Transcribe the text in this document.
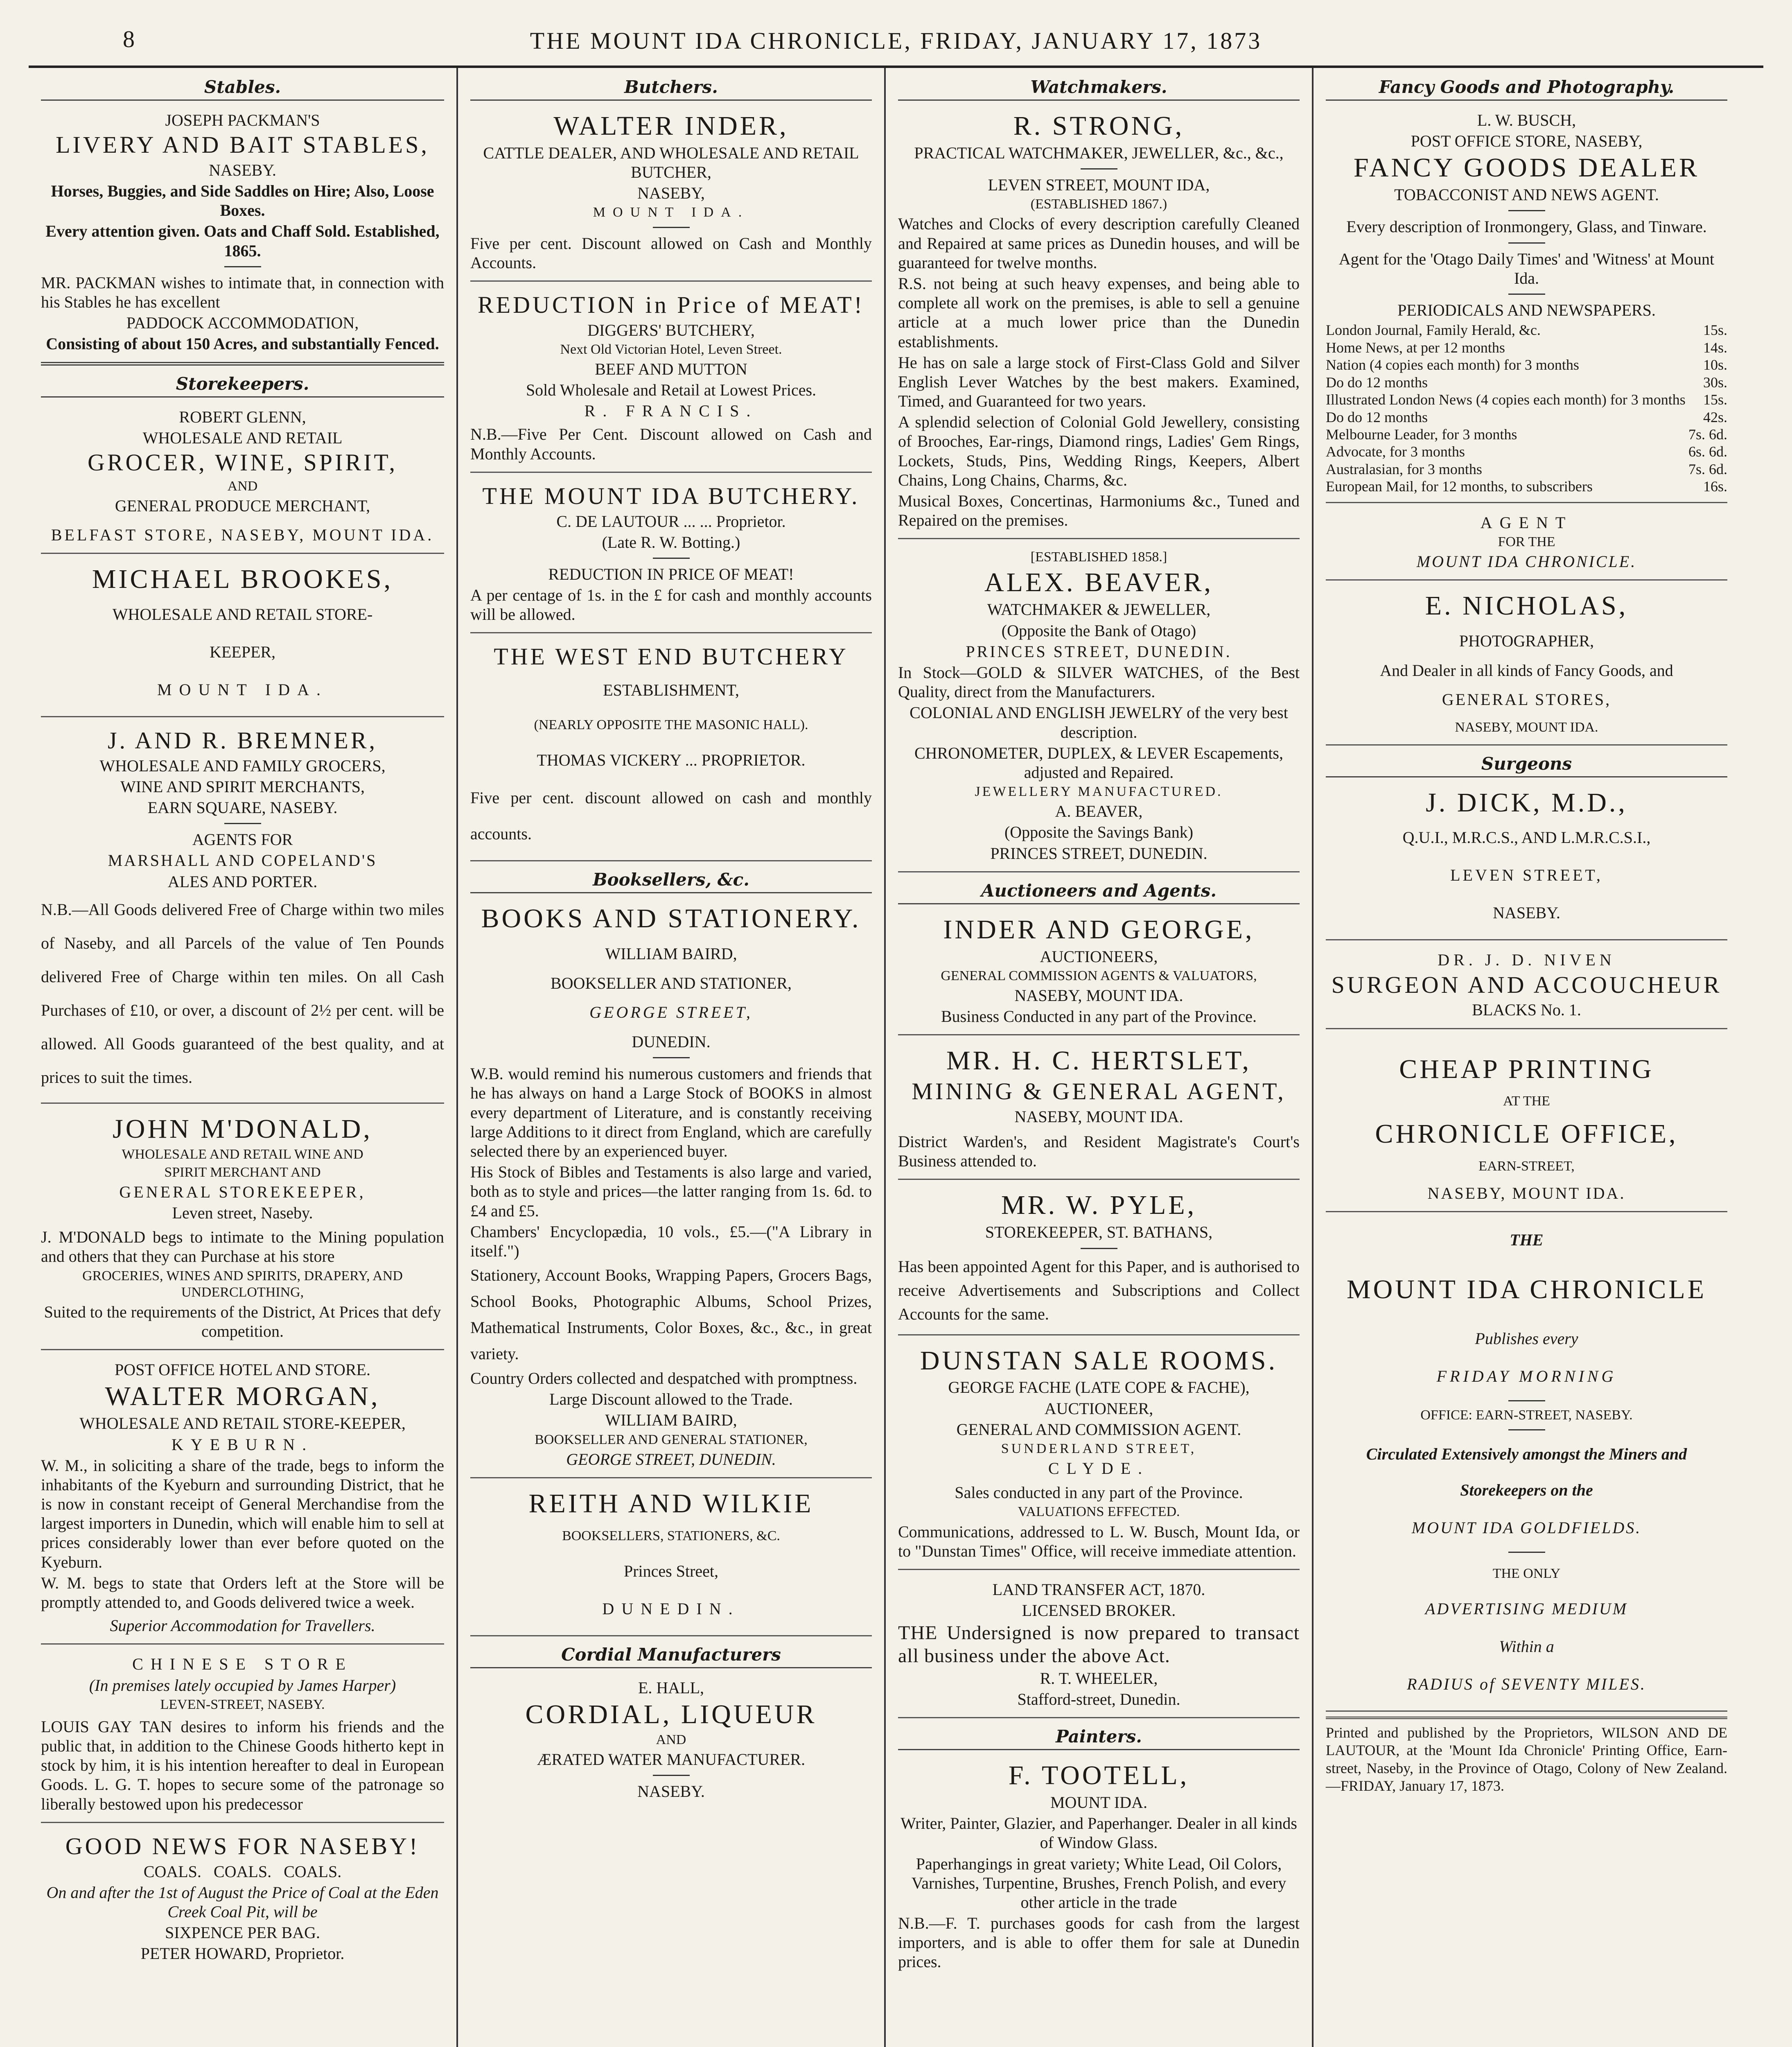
8	THE MOUNT IDA CHRONICLE, FRIDAY, JANUARY 17, 1873
Stables.
JOSEPH PACKMAN'S
LIVERY AND BAIT STABLES,
NASEBY.
Horses, Buggies, and Side Saddles on Hire; Also, Loose Boxes.
Every attention given. Oats and Chaff Sold. Established, 1865.
MR. PACKMAN wishes to intimate that, in connection with his Stables he has excellent
PADDOCK ACCOMMODATION,
Consisting of about 150 Acres, and substantially Fenced.
Storekeepers.
ROBERT GLENN,
WHOLESALE AND RETAIL
GROCER, WINE, SPIRIT,
AND
GENERAL PRODUCE MERCHANT,
BELFAST STORE, NASEBY, MOUNT IDA.
MICHAEL BROOKES,
WHOLESALE AND RETAIL STORE-
KEEPER,
MOUNT IDA.
J. AND R. BREMNER,
WHOLESALE AND FAMILY GROCERS,
WINE AND SPIRIT MERCHANTS,
EARN SQUARE, NASEBY.
AGENTS FOR
MARSHALL AND COPELAND'S
ALES AND PORTER.
N.B.—All Goods delivered Free of Charge within two miles of Naseby, and all Parcels of the value of Ten Pounds delivered Free of Charge within ten miles. On all Cash Purchases of £10, or over, a discount of 2½ per cent. will be allowed. All Goods guaranteed of the best quality, and at prices to suit the times.
JOHN M'DONALD,
WHOLESALE AND RETAIL WINE AND
SPIRIT MERCHANT AND
GENERAL STOREKEEPER,
Leven street, Naseby.
J. M'DONALD begs to intimate to the Mining population and others that they can Purchase at his store
GROCERIES, WINES AND SPIRITS, DRAPERY, AND UNDERCLOTHING,
Suited to the requirements of the District, At Prices that defy competition.
POST OFFICE HOTEL AND STORE.
WALTER MORGAN,
WHOLESALE AND RETAIL STORE-KEEPER,
KYEBURN.
W. M., in soliciting a share of the trade, begs to inform the inhabitants of the Kyeburn and surrounding District, that he is now in constant receipt of General Merchandise from the largest importers in Dunedin, which will enable him to sell at prices considerably lower than ever before quoted on the Kyeburn.
W. M. begs to state that Orders left at the Store will be promptly attended to, and Goods delivered twice a week.
Superior Accommodation for Travellers.
CHINESE STORE
(In premises lately occupied by James Harper)
LEVEN-STREET, NASEBY.
LOUIS GAY TAN desires to inform his friends and the public that, in addition to the Chinese Goods hitherto kept in stock by him, it is his intention hereafter to deal in European Goods. L. G. T. hopes to secure some of the patronage so liberally bestowed upon his predecessor
GOOD NEWS FOR NASEBY!
COALS.   COALS.   COALS.
On and after the 1st of August the Price of Coal at the Eden Creek Coal Pit, will be
SIXPENCE PER BAG.
PETER HOWARD, Proprietor.
Butchers.
WALTER INDER,
CATTLE DEALER, AND WHOLESALE AND RETAIL BUTCHER,
NASEBY,
MOUNT IDA.
Five per cent. Discount allowed on Cash and Monthly Accounts.
REDUCTION in Price of MEAT!
DIGGERS' BUTCHERY,
Next Old Victorian Hotel, Leven Street.
BEEF AND MUTTON
Sold Wholesale and Retail at Lowest Prices.
R. FRANCIS.
N.B.—Five Per Cent. Discount allowed on Cash and Monthly Accounts.
THE MOUNT IDA BUTCHERY.
C. DE LAUTOUR ... ... Proprietor.
(Late R. W. Botting.)
REDUCTION IN PRICE OF MEAT!
A per centage of 1s. in the £ for cash and monthly accounts will be allowed.
THE WEST END BUTCHERY
ESTABLISHMENT,
(NEARLY OPPOSITE THE MASONIC HALL).
THOMAS VICKERY ... PROPRIETOR.
Five per cent. discount allowed on cash and monthly accounts.
Booksellers, &c.
BOOKS AND STATIONERY.
WILLIAM BAIRD,
BOOKSELLER AND STATIONER,
GEORGE STREET,
DUNEDIN.
W.B. would remind his numerous customers and friends that he has always on hand a Large Stock of BOOKS in almost every department of Literature, and is constantly receiving large Additions to it direct from England, which are carefully selected there by an experienced buyer.
His Stock of Bibles and Testaments is also large and varied, both as to style and prices—the latter ranging from 1s. 6d. to £4 and £5.
Chambers' Encyclopædia, 10 vols., £5.—("A Library in itself.")
Stationery, Account Books, Wrapping Papers, Grocers Bags, School Books, Photographic Albums, School Prizes, Mathematical Instruments, Color Boxes, &c., &c., in great variety.
Country Orders collected and despatched with promptness.
Large Discount allowed to the Trade.
WILLIAM BAIRD,
BOOKSELLER AND GENERAL STATIONER,
GEORGE STREET, DUNEDIN.
REITH AND WILKIE
BOOKSELLERS, STATIONERS, &C.
Princes Street,
DUNEDIN.
Cordial Manufacturers
E. HALL,
CORDIAL, LIQUEUR
AND
ÆRATED WATER MANUFACTURER.
NASEBY.
Watchmakers.
R. STRONG,
PRACTICAL WATCHMAKER, JEWELLER, &c., &c.,
LEVEN STREET, MOUNT IDA,
(ESTABLISHED 1867.)
Watches and Clocks of every description carefully Cleaned and Repaired at same prices as Dunedin houses, and will be guaranteed for twelve months.
R.S. not being at such heavy expenses, and being able to complete all work on the premises, is able to sell a genuine article at a much lower price than the Dunedin establishments.
He has on sale a large stock of First-Class Gold and Silver English Lever Watches by the best makers. Examined, Timed, and Guaranteed for two years.
A splendid selection of Colonial Gold Jewellery, consisting of Brooches, Ear-rings, Diamond rings, Ladies' Gem Rings, Lockets, Studs, Pins, Wedding Rings, Keepers, Albert Chains, Long Chains, Charms, &c.
Musical Boxes, Concertinas, Harmoniums &c., Tuned and Repaired on the premises.
[ESTABLISHED 1858.]
ALEX. BEAVER,
WATCHMAKER & JEWELLER,
(Opposite the Bank of Otago)
PRINCES STREET, DUNEDIN.
In Stock—GOLD & SILVER WATCHES, of the Best Quality, direct from the Manufacturers.
COLONIAL AND ENGLISH JEWELRY of the very best description.
CHRONOMETER, DUPLEX, & LEVER Escapements, adjusted and Repaired.
JEWELLERY MANUFACTURED.
A. BEAVER,
(Opposite the Savings Bank)
PRINCES STREET, DUNEDIN.
Auctioneers and Agents.
INDER AND GEORGE,
AUCTIONEERS,
GENERAL COMMISSION AGENTS & VALUATORS,
NASEBY, MOUNT IDA.
Business Conducted in any part of the Province.
MR. H. C. HERTSLET,
MINING & GENERAL AGENT,
NASEBY, MOUNT IDA.
District Warden's, and Resident Magistrate's Court's Business attended to.
MR. W. PYLE,
STOREKEEPER, ST. BATHANS,
Has been appointed Agent for this Paper, and is authorised to receive Advertisements and Subscriptions and Collect Accounts for the same.
DUNSTAN SALE ROOMS.
GEORGE FACHE (LATE COPE & FACHE),
AUCTIONEER,
GENERAL AND COMMISSION AGENT.
SUNDERLAND STREET,
CLYDE.
Sales conducted in any part of the Province.
VALUATIONS EFFECTED.
Communications, addressed to L. W. Busch, Mount Ida, or to "Dunstan Times" Office, will receive immediate attention.
LAND TRANSFER ACT, 1870.
LICENSED BROKER.
THE Undersigned is now prepared to transact all business under the above Act.
R. T. WHEELER,
Stafford-street, Dunedin.
Painters.
F. TOOTELL,
MOUNT IDA.
Writer, Painter, Glazier, and Paperhanger. Dealer in all kinds of Window Glass.
Paperhangings in great variety; White Lead, Oil Colors, Varnishes, Turpentine, Brushes, French Polish, and every other article in the trade
N.B.—F. T. purchases goods for cash from the largest importers, and is able to offer them for sale at Dunedin prices.
Fancy Goods and Photography.
L. W. BUSCH,
POST OFFICE STORE, NASEBY,
FANCY GOODS DEALER
TOBACCONIST AND NEWS AGENT.
Every description of Ironmongery, Glass, and Tinware.
Agent for the 'Otago Daily Times' and 'Witness' at Mount Ida.
PERIODICALS AND NEWSPAPERS.
London Journal, Family Herald, &c.	15s.
Home News, at per 12 months	14s.
Nation (4 copies each month) for 3 months	10s.
Do do 12 months	30s.
Illustrated London News (4 copies each month) for 3 months 15s.
Do do 12 months	42s.
Melbourne Leader, for 3 months	7s. 6d.
Advocate, for 3 months	6s. 6d.
Australasian, for 3 months	7s. 6d.
European Mail, for 12 months, to subscribers	16s.
AGENT
FOR THE
MOUNT IDA CHRONICLE.
E. NICHOLAS,
PHOTOGRAPHER,
And Dealer in all kinds of Fancy Goods, and
GENERAL STORES,
NASEBY, MOUNT IDA.
Surgeons
J. DICK, M.D.,
Q.U.I., M.R.C.S., AND L.M.R.C.S.I.,
LEVEN STREET,
NASEBY.
DR. J. D. NIVEN
SURGEON AND ACCOUCHEUR
BLACKS No. 1.
CHEAP PRINTING
AT THE
CHRONICLE OFFICE,
EARN-STREET,
NASEBY, MOUNT IDA.
THE
MOUNT IDA CHRONICLE
Publishes every
FRIDAY MORNING
OFFICE: EARN-STREET, NASEBY.
Circulated Extensively amongst the Miners and Storekeepers on the
MOUNT IDA GOLDFIELDS.
THE ONLY
ADVERTISING MEDIUM
Within a
RADIUS of SEVENTY MILES.
Printed and published by the Proprietors, WILSON AND DE LAUTOUR, at the 'Mount Ida Chronicle' Printing Office, Earn-street, Naseby, in the Province of Otago, Colony of New Zealand.—FRIDAY, January 17, 1873.
